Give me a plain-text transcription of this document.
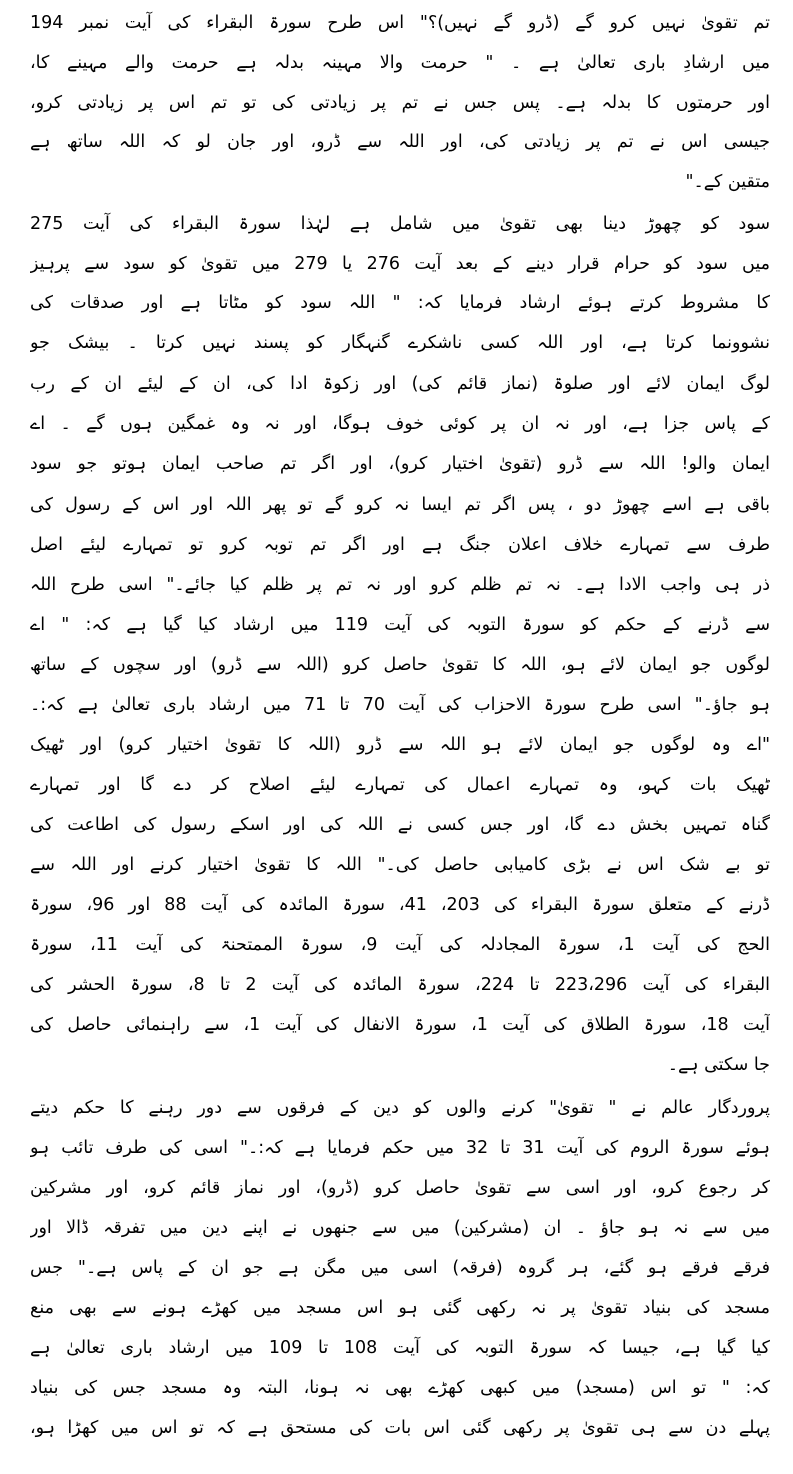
تم تقویٰ نہیں کرو گے (ڈرو گے نہیں)؟" اس طرح سورۃ البقراء کی آیت نمبر 194
میں ارشادِ باری تعالیٰ ہے ۔ " حرمت والا مہینہ بدلہ ہے حرمت والے مہینے کا،
اور حرمتوں کا بدلہ ہے۔ پس جس نے تم پر زیادتی کی تو تم اس پر زیادتی کرو،
جیسی اس نے تم پر زیادتی کی، اور اللہ سے ڈرو، اور جان لو کہ اللہ ساتھ ہے
متقین کے۔"
سود کو چھوڑ دینا بھی تقویٰ میں شامل ہے لہٰذا سورۃ البقراء کی آیت 275
میں سود کو حرام قرار دینے کے بعد آیت 276 یا 279 میں تقویٰ کو سود سے پرہیز
کا مشروط کرتے ہوئے ارشاد فرمایا کہ: " اللہ سود کو مٹاتا ہے اور صدقات کی
نشوونما کرتا ہے، اور اللہ کسی ناشکرے گنہگار کو پسند نہیں کرتا ۔ بیشک جو
لوگ ایمان لائے اور صلوۃ (نماز قائم کی) اور زکوۃ ادا کی، ان کے لیئے ان کے رب
کے پاس جزا ہے، اور نہ ان پر کوئی خوف ہوگا، اور نہ وہ غمگین ہوں گے ۔ اے
ایمان والو! اللہ سے ڈرو (تقویٰ اختیار کرو)، اور اگر تم صاحب ایمان ہوتو جو سود
باقی ہے اسے چھوڑ دو ، پس اگر تم ایسا نہ کرو گے تو پھر اللہ اور اس کے رسول کی
طرف سے تمہارے خلاف اعلان جنگ ہے اور اگر تم توبہ کرو تو تمہارے لیئے اصل
ذر ہی واجب الادا ہے۔ نہ تم ظلم کرو اور نہ تم پر ظلم کیا جائے۔" اسی طرح اللہ
سے ڈرنے کے حکم کو سورۃ التوبہ کی آیت 119 میں ارشاد کیا گیا ہے کہ: " اے
لوگوں جو ایمان لائے ہو، اللہ کا تقویٰ حاصل کرو (اللہ سے ڈرو) اور سچوں کے ساتھ
ہو جاؤ۔" اسی طرح سورۃ الاحزاب کی آیت 70 تا 71 میں ارشاد باری تعالیٰ ہے کہ:۔
"اے وہ لوگوں جو ایمان لائے ہو اللہ سے ڈرو (اللہ کا تقویٰ اختیار کرو) اور ٹھیک
ٹھیک بات کہو، وہ تمہارے اعمال کی تمہارے لیئے اصلاح کر دے گا اور تمہارے
گناہ تمہیں بخش دے گا، اور جس کسی نے اللہ کی اور اسکے رسول کی اطاعت کی
تو بے شک اس نے بڑی کامیابی حاصل کی۔" اللہ کا تقویٰ اختیار کرنے اور اللہ سے
ڈرنے کے متعلق سورۃ البقراء کی 203، 41، سورۃ المائدہ کی آیت 88 اور 96، سورۃ
الحج کی آیت 1، سورۃ المجادلہ کی آیت 9، سورۃ الممتحنۃ کی آیت 11، سورۃ
البقراء کی آیت 223،296 تا 224، سورۃ المائدہ کی آیت 2 تا 8، سورۃ الحشر کی
آیت 18، سورۃ الطلاق کی آیت 1، سورۃ الانفال کی آیت 1، سے راہنمائی حاصل کی
جا سکتی ہے۔
پروردگار عالم نے " تقویٰ" کرنے والوں کو دین کے فرقوں سے دور رہنے کا حکم دیتے
ہوئے سورۃ الروم کی آیت 31 تا 32 میں حکم فرمایا ہے کہ:۔" اسی کی طرف تائب ہو
کر رجوع کرو، اور اسی سے تقویٰ حاصل کرو (ڈرو)، اور نماز قائم کرو، اور مشرکین
میں سے نہ ہو جاؤ ۔ ان (مشرکین) میں سے جنھوں نے اپنے دین میں تفرقہ ڈالا اور
فرقے فرقے ہو گئے، ہر گروہ (فرقہ) اسی میں مگن ہے جو ان کے پاس ہے۔" جس
مسجد کی بنیاد تقویٰ پر نہ رکھی گئی ہو اس مسجد میں کھڑے ہونے سے بھی منع
کیا گیا ہے، جیسا کہ سورۃ التوبہ کی آیت 108 تا 109 میں ارشاد باری تعالیٰ ہے
کہ: " تو اس (مسجد) میں کبھی کھڑے بھی نہ ہونا، البتہ وہ مسجد جس کی بنیاد
پہلے دن سے ہی تقویٰ پر رکھی گئی اس بات کی مستحق ہے کہ تو اس میں کھڑا ہو،
